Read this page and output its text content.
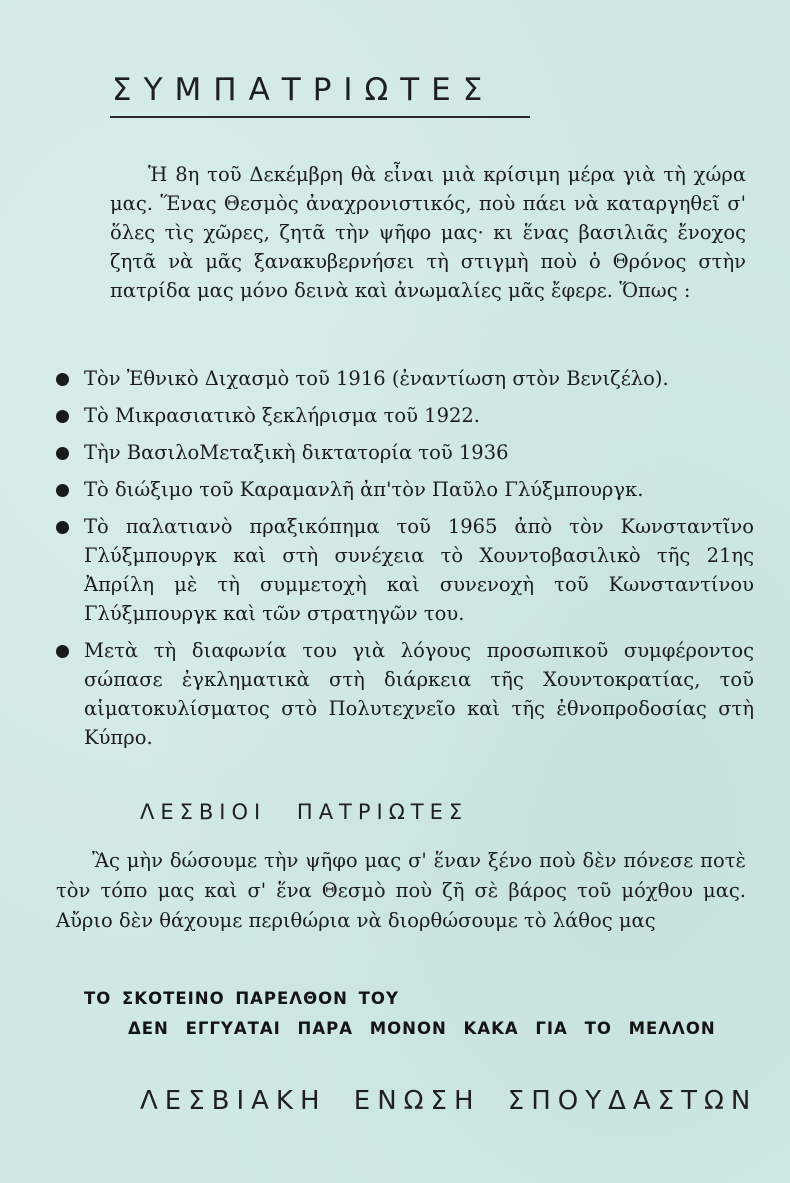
ΣΥΜΠΑΤΡΙΩΤΕΣ

Ἡ 8η τοῦ Δεκέμβρη θὰ εἶναι μιὰ κρίσιμη μέρα γιὰ τὴ χώρα μας. Ἕνας Θεσμὸς ἀναχρονιστικός, ποὺ πάει νὰ καταργηθεῖ σ' ὅλες τὶς χῶρες, ζητᾶ τὴν ψῆφο μας· κι ἕνας βασιλιᾶς ἔνοχος ζητᾶ νὰ μᾶς ξανακυβερνήσει τὴ στιγμὴ ποὺ ὁ Θρόνος στὴν πατρίδα μας μόνο δεινὰ καὶ ἀνωμαλίες μᾶς ἔφερε. Ὅπως :

Τὸν Ἐθνικὸ Διχασμὸ τοῦ 1916 (ἐναντίωση στὸν Βενιζέλο).
Τὸ Μικρασιατικὸ ξεκλήρισμα τοῦ 1922.
Τὴν ΒασιλοΜεταξικὴ δικτατορία τοῦ 1936
Τὸ διώξιμο τοῦ Καραμανλῆ ἀπ'τὸν Παῦλο Γλύξμπουργκ.
Τὸ παλατιανὸ πραξικόπημα τοῦ 1965 ἀπὸ τὸν Κωνσταντῖνο Γλύξμπουργκ καὶ στὴ συνέχεια τὸ Χουντοβασιλικὸ τῆς 21ης Ἀπρίλη μὲ τὴ συμμετοχὴ καὶ συνενοχὴ τοῦ Κωνσταντίνου Γλύξμπουργκ καὶ τῶν στρατηγῶν του.
Μετὰ τὴ διαφωνία του γιὰ λόγους προσωπικοῦ συμφέροντος σώπασε ἐγκληματικὰ στὴ διάρκεια τῆς Χουντοκρατίας, τοῦ αἱματοκυλίσματος στὸ Πολυτεχνεῖο καὶ τῆς ἐθνοπροδοσίας στὴ Κύπρο.
ΛΕΣΒΙΟΙ ΠΑΤΡΙΩΤΕΣ

Ἂς μὴν δώσουμε τὴν ψῆφο μας σ' ἕναν ξένο ποὺ δὲν πόνεσε ποτὲ τὸν τόπο μας καὶ σ' ἕνα Θεσμὸ ποὺ ζῆ σὲ βάρος τοῦ μόχθου μας. Αὔριο δὲν θάχουμε περιθώρια νὰ διορθώσουμε τὸ λάθος μας

ΤΟ ΣΚΟΤΕΙΝΟ ΠΑΡΕΛΘΟΝ ΤΟΥ

ΔΕΝ ΕΓΓΥΑΤΑΙ ΠΑΡΑ ΜΟΝΟΝ ΚΑΚΑ ΓΙΑ ΤΟ ΜΕΛΛΟΝ

ΛΕΣΒΙΑΚΗ ΕΝΩΣΗ ΣΠΟΥΔΑΣΤΩΝ
